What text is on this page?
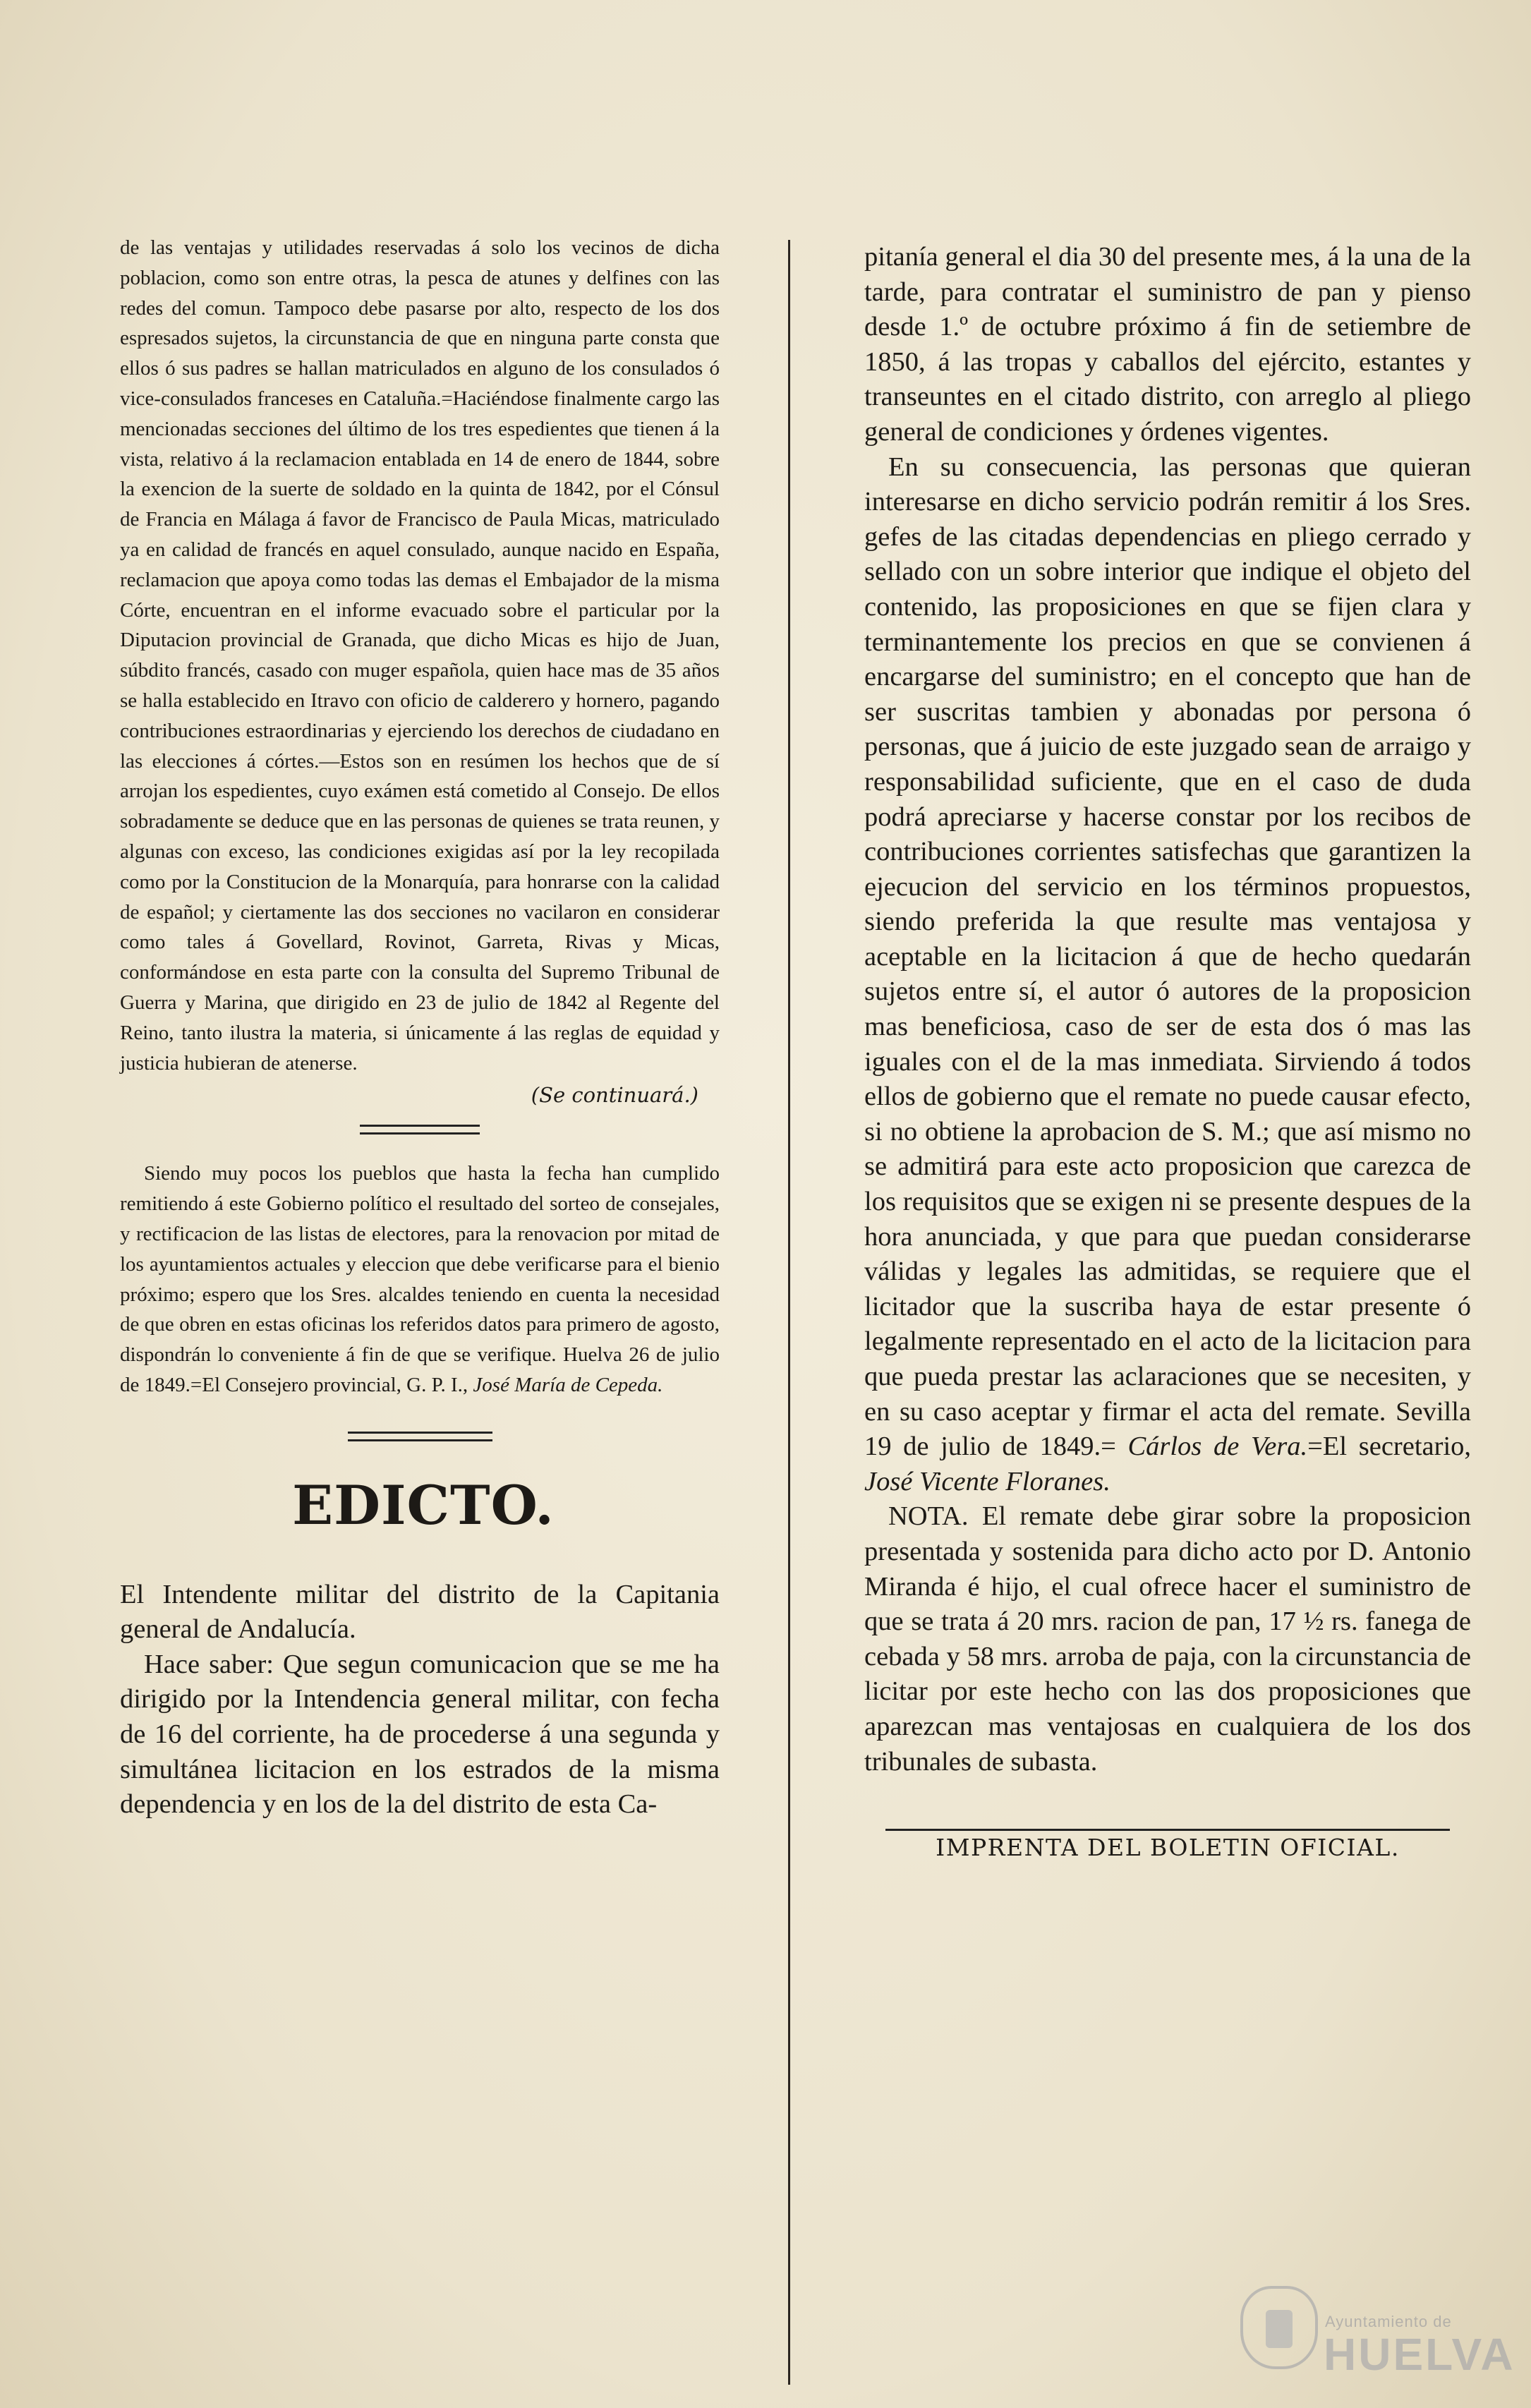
de las ventajas y utilidades reservadas á solo los vecinos de dicha poblacion, como son entre otras, la pesca de atunes y delfines con las redes del comun. Tampoco debe pasarse por alto, respecto de los dos espresados sujetos, la circunstancia de que en ninguna parte consta que ellos ó sus padres se hallan matriculados en alguno de los consulados ó vice-consulados franceses en Cataluña.=Haciéndose finalmente cargo las mencionadas secciones del último de los tres espedientes que tienen á la vista, relativo á la reclamacion entablada en 14 de enero de 1844, sobre la exencion de la suerte de soldado en la quinta de 1842, por el Cónsul de Francia en Málaga á favor de Francisco de Paula Micas, matriculado ya en calidad de francés en aquel consulado, aunque nacido en España, reclamacion que apoya como todas las demas el Embajador de la misma Córte, encuentran en el informe evacuado sobre el particular por la Diputacion provincial de Granada, que dicho Micas es hijo de Juan, súbdito francés, casado con muger española, quien hace mas de 35 años se halla establecido en Itravo con oficio de calderero y hornero, pagando contribuciones estraordinarias y ejerciendo los derechos de ciudadano en las elecciones á córtes.—Estos son en resúmen los hechos que de sí arrojan los espedientes, cuyo exámen está cometido al Consejo. De ellos sobradamente se deduce que en las personas de quienes se trata reunen, y algunas con exceso, las condiciones exigidas así por la ley recopilada como por la Constitucion de la Monarquía, para honrarse con la calidad de español; y ciertamente las dos secciones no vacilaron en considerar como tales á Govellard, Rovinot, Garreta, Rivas y Micas, conformándose en esta parte con la consulta del Supremo Tribunal de Guerra y Marina, que dirigido en 23 de julio de 1842 al Regente del Reino, tanto ilustra la materia, si únicamente á las reglas de equidad y justicia hubieran de atenerse.

(Se continuará.)

Siendo muy pocos los pueblos que hasta la fecha han cumplido remitiendo á este Gobierno político el resultado del sorteo de consejales, y rectificacion de las listas de electores, para la renovacion por mitad de los ayuntamientos actuales y eleccion que debe verificarse para el bienio próximo; espero que los Sres. alcaldes teniendo en cuenta la necesidad de que obren en estas oficinas los referidos datos para primero de agosto, dispondrán lo conveniente á fin de que se verifique. Huelva 26 de julio de 1849.=El Consejero provincial, G. P. I., José María de Cepeda.

EDICTO.

El Intendente militar del distrito de la Capitania general de Andalucía.

Hace saber: Que segun comunicacion que se me ha dirigido por la Intendencia general militar, con fecha de 16 del corriente, ha de procederse á una segunda y simultánea licitacion en los estrados de la misma dependencia y en los de la del distrito de esta Ca-

pitanía general el dia 30 del presente mes, á la una de la tarde, para contratar el suministro de pan y pienso desde 1.º de octubre próximo á fin de setiembre de 1850, á las tropas y caballos del ejército, estantes y transeuntes en el citado distrito, con arreglo al pliego general de condiciones y órdenes vigentes.

En su consecuencia, las personas que quieran interesarse en dicho servicio podrán remitir á los Sres. gefes de las citadas dependencias en pliego cerrado y sellado con un sobre interior que indique el objeto del contenido, las proposiciones en que se fijen clara y terminantemente los precios en que se convienen á encargarse del suministro; en el concepto que han de ser suscritas tambien y abonadas por persona ó personas, que á juicio de este juzgado sean de arraigo y responsabilidad suficiente, que en el caso de duda podrá apreciarse y hacerse constar por los recibos de contribuciones corrientes satisfechas que garantizen la ejecucion del servicio en los términos propuestos, siendo preferida la que resulte mas ventajosa y aceptable en la licitacion á que de hecho quedarán sujetos entre sí, el autor ó autores de la proposicion mas beneficiosa, caso de ser de esta dos ó mas las iguales con el de la mas inmediata. Sirviendo á todos ellos de gobierno que el remate no puede causar efecto, si no obtiene la aprobacion de S. M.; que así mismo no se admitirá para este acto proposicion que carezca de los requisitos que se exigen ni se presente despues de la hora anunciada, y que para que puedan considerarse válidas y legales las admitidas, se requiere que el licitador que la suscriba haya de estar presente ó legalmente representado en el acto de la licitacion para que pueda prestar las aclaraciones que se necesiten, y en su caso aceptar y firmar el acta del remate. Sevilla 19 de julio de 1849.= Cárlos de Vera.=El secretario, José Vicente Floranes.

NOTA. El remate debe girar sobre la proposicion presentada y sostenida para dicho acto por D. Antonio Miranda é hijo, el cual ofrece hacer el suministro de que se trata á 20 mrs. racion de pan, 17 ½ rs. fanega de cebada y 58 mrs. arroba de paja, con la circunstancia de licitar por este hecho con las dos proposiciones que aparezcan mas ventajosas en cualquiera de los dos tribunales de subasta.

IMPRENTA DEL BOLETIN OFICIAL.
Ayuntamiento de
HUELVA
